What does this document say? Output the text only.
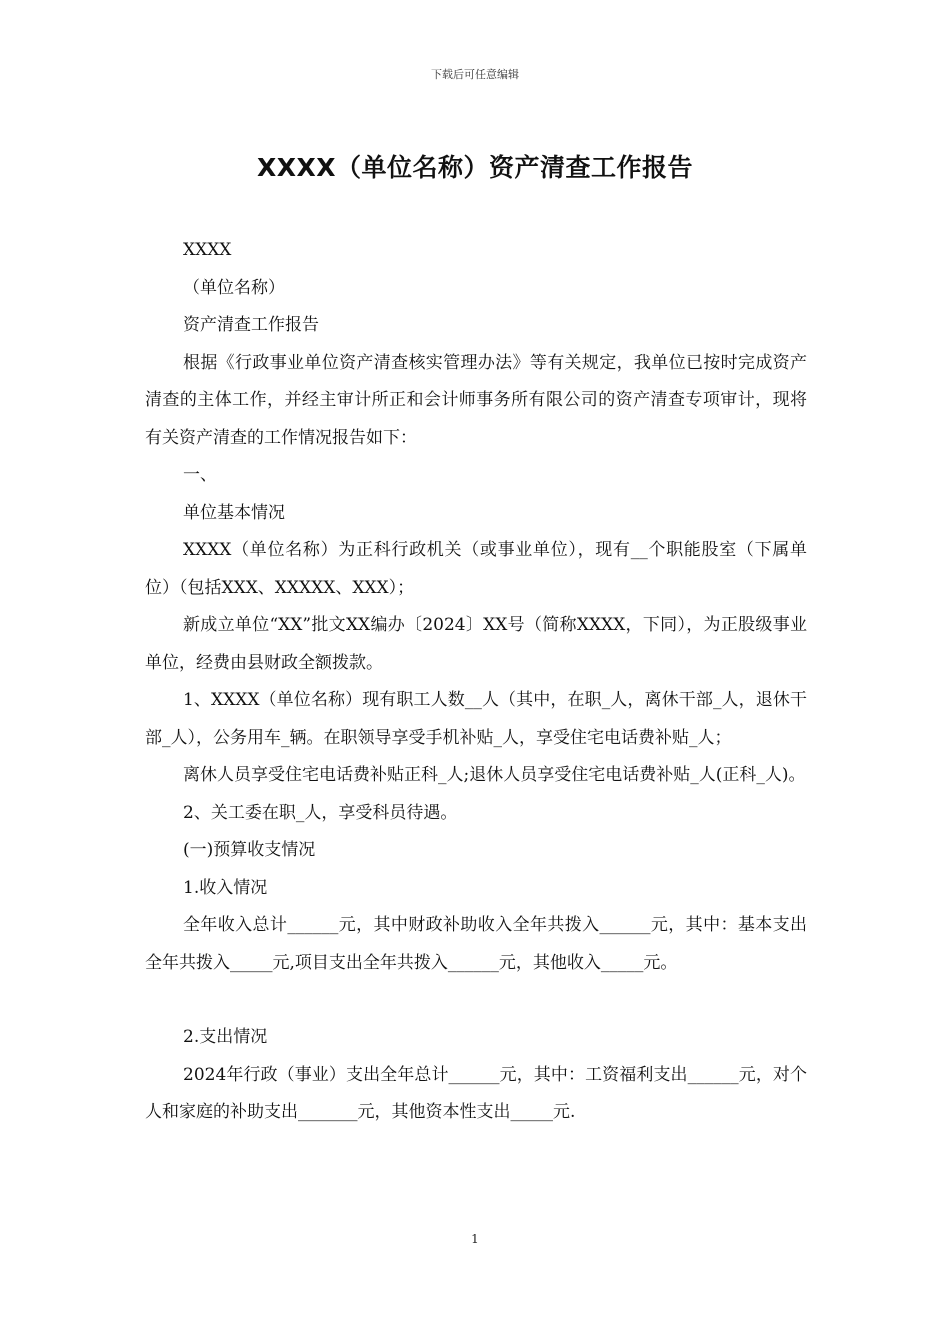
下载后可任意编辑
XXXX（单位名称）资产清查工作报告

XXXX

（单位名称）

资产清查工作报告

根据《行政事业单位资产清查核实管理办法》等有关规定，我单位已按时完成资产清查的主体工作，并经主审计所正和会计师事务所有限公司的资产清查专项审计，现将有关资产清查的工作情况报告如下：

一、

单位基本情况

XXXX（单位名称）为正科行政机关（或事业单位），现有__个职能股室（下属单位）（包括XXX、XXXXX、XXX）；

新成立单位“XX”批文XX编办〔2024〕XX号（简称XXXX，下同），为正股级事业单位，经费由县财政全额拨款。

1、XXXX（单位名称）现有职工人数__人（其中，在职_人，离休干部_人，退休干部_人），公务用车_辆。在职领导享受手机补贴_人，享受住宅电话费补贴_人；

离休人员享受住宅电话费补贴正科_人;退休人员享受住宅电话费补贴_人(正科_人)。

2、关工委在职_人，享受科员待遇。

(一)预算收支情况

1.收入情况

全年收入总计______元，其中财政补助收入全年共拨入______元，其中：基本支出全年共拨入_____元,项目支出全年共拨入______元，其他收入_____元。

2.支出情况

2024年行政（事业）支出全年总计______元，其中：工资福利支出______元，对个人和家庭的补助支出_______元，其他资本性支出_____元.

1
